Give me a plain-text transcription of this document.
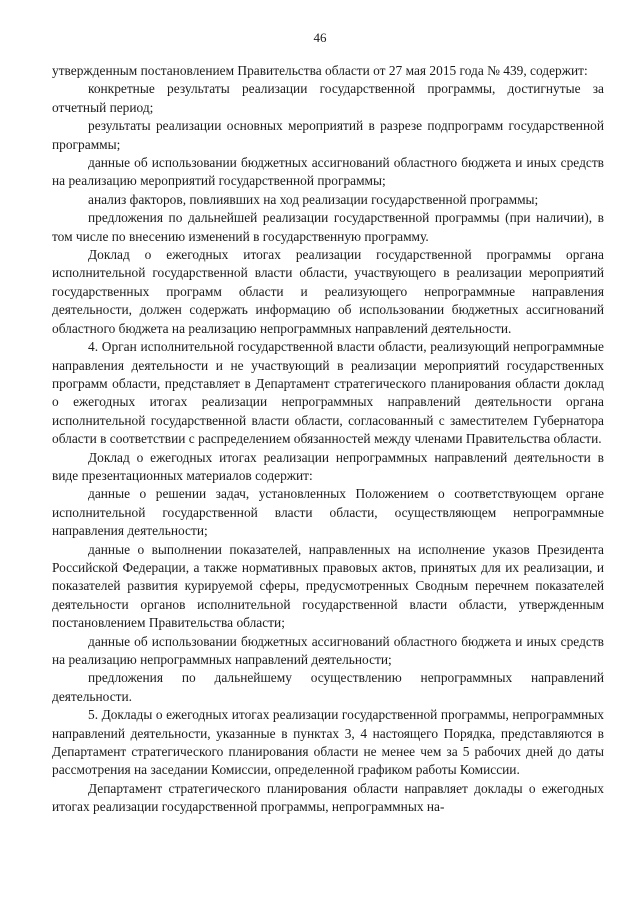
46

утвержденным постановлением Правительства области от 27 мая 2015 года № 439, содержит:

конкретные результаты реализации государственной программы, достигнутые за отчетный период;

результаты реализации основных мероприятий в разрезе подпрограмм государственной программы;

данные об использовании бюджетных ассигнований областного бюджета и иных средств на реализацию мероприятий государственной программы;

анализ факторов, повлиявших на ход реализации государственной программы;

предложения по дальнейшей реализации государственной программы (при наличии), в том числе по внесению изменений в государственную программу.

Доклад о ежегодных итогах реализации государственной программы органа исполнительной государственной власти области, участвующего в реализации мероприятий государственных программ области и реализующего непрограммные направления деятельности, должен содержать информацию об использовании бюджетных ассигнований областного бюджета на реализацию непрограммных направлений деятельности.

4. Орган исполнительной государственной власти области, реализующий непрограммные направления деятельности и не участвующий в реализации мероприятий государственных программ области, представляет в Департамент стратегического планирования области доклад о ежегодных итогах реализации непрограммных направлений деятельности органа исполнительной государственной власти области, согласованный с заместителем Губернатора области в соответствии с распределением обязанностей между членами Правительства области.

Доклад о ежегодных итогах реализации непрограммных направлений деятельности в виде презентационных материалов содержит:

данные о решении задач, установленных Положением о соответствующем органе исполнительной государственной власти области, осуществляющем непрограммные направления деятельности;

данные о выполнении показателей, направленных на исполнение указов Президента Российской Федерации, а также нормативных правовых актов, принятых для их реализации, и показателей развития курируемой сферы, предусмотренных Сводным перечнем показателей деятельности органов исполнительной государственной власти области, утвержденным постановлением Правительства области;

данные об использовании бюджетных ассигнований областного бюджета и иных средств на реализацию непрограммных направлений деятельности;

предложения по дальнейшему осуществлению непрограммных направлений деятельности.

5. Доклады о ежегодных итогах реализации государственной программы, непрограммных направлений деятельности, указанные в пунктах 3, 4 настоящего Порядка, представляются в Департамент стратегического планирования области не менее чем за 5 рабочих дней до даты рассмотрения на заседании Комиссии, определенной графиком работы Комиссии.

Департамент стратегического планирования области направляет доклады о ежегодных итогах реализации государственной программы, непрограммных на-
